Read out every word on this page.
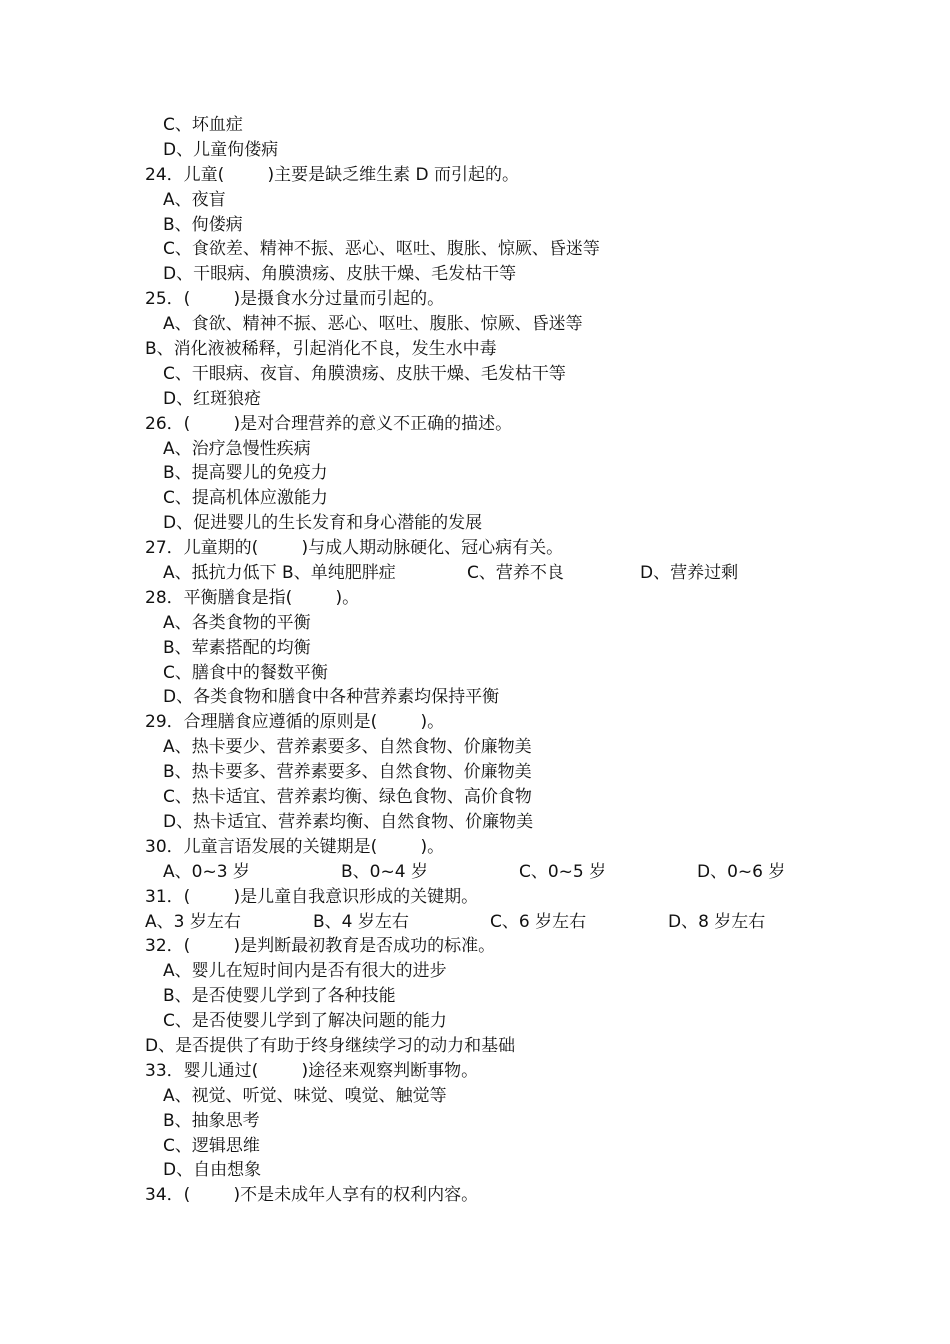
C、坏血症
D、儿童佝偻病
24．儿童(        )主要是缺乏维生素 D 而引起的。
A、夜盲
B、佝偻病
C、食欲差、精神不振、恶心、呕吐、腹胀、惊厥、昏迷等
D、干眼病、角膜溃疡、皮肤干燥、毛发枯干等
25．(        )是摄食水分过量而引起的。
A、食欲、精神不振、恶心、呕吐、腹胀、惊厥、昏迷等
B、消化液被稀释，引起消化不良，发生水中毒
C、干眼病、夜盲、角膜溃疡、皮肤干燥、毛发枯干等
D、红斑狼疮
26．(        )是对合理营养的意义不正确的描述。
A、治疗急慢性疾病
B、提高婴儿的免疫力
C、提高机体应激能力
D、促进婴儿的生长发育和身心潜能的发展
27．儿童期的(        )与成人期动脉硬化、冠心病有关。
A、抵抗力低下 B、单纯肥胖症	C、营养不良	D、营养过剩
28．平衡膳食是指(        )。
A、各类食物的平衡
B、荤素搭配的均衡
C、膳食中的餐数平衡
D、各类食物和膳食中各种营养素均保持平衡
29．合理膳食应遵循的原则是(        )。
A、热卡要少、营养素要多、自然食物、价廉物美
B、热卡要多、营养素要多、自然食物、价廉物美
C、热卡适宜、营养素均衡、绿色食物、高价食物
D、热卡适宜、营养素均衡、自然食物、价廉物美
30．儿童言语发展的关键期是(        )。
A、0~3 岁	B、0~4 岁	C、0~5 岁	D、0~6 岁
31．(        )是儿童自我意识形成的关键期。
A、3 岁左右	B、4 岁左右	C、6 岁左右	D、8 岁左右
32．(        )是判断最初教育是否成功的标准。
A、婴儿在短时间内是否有很大的进步
B、是否使婴儿学到了各种技能
C、是否使婴儿学到了解决问题的能力
D、是否提供了有助于终身继续学习的动力和基础
33．婴儿通过(        )途径来观察判断事物。
A、视觉、听觉、味觉、嗅觉、触觉等
B、抽象思考
C、逻辑思维
D、自由想象
34．(        )不是未成年人享有的权利内容。
